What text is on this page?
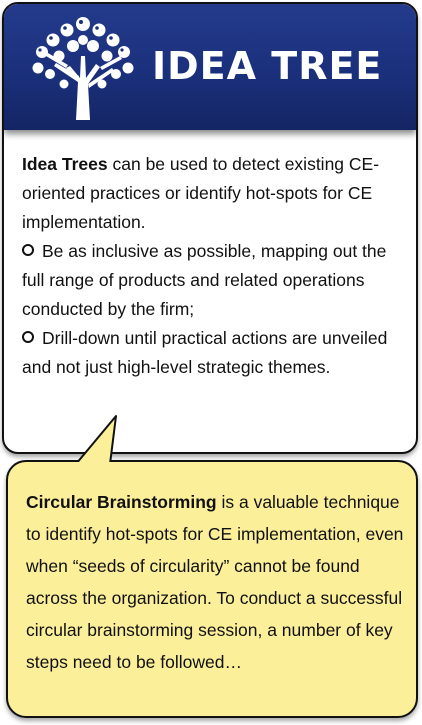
IDEA TREE

Idea Trees can be used to detect existing CE-oriented practices or identify hot-spots for CE implementation.

Be as inclusive as possible, mapping out the full range of products and related operations conducted by the firm;

Drill-down until practical actions are unveiled and not just high-level strategic themes.

Circular Brainstorming is a valuable technique to identify hot-spots for CE implementation, even when “seeds of circularity” cannot be found across the organization. To conduct a successful circular brainstorming session, a number of key steps need to be followed…
